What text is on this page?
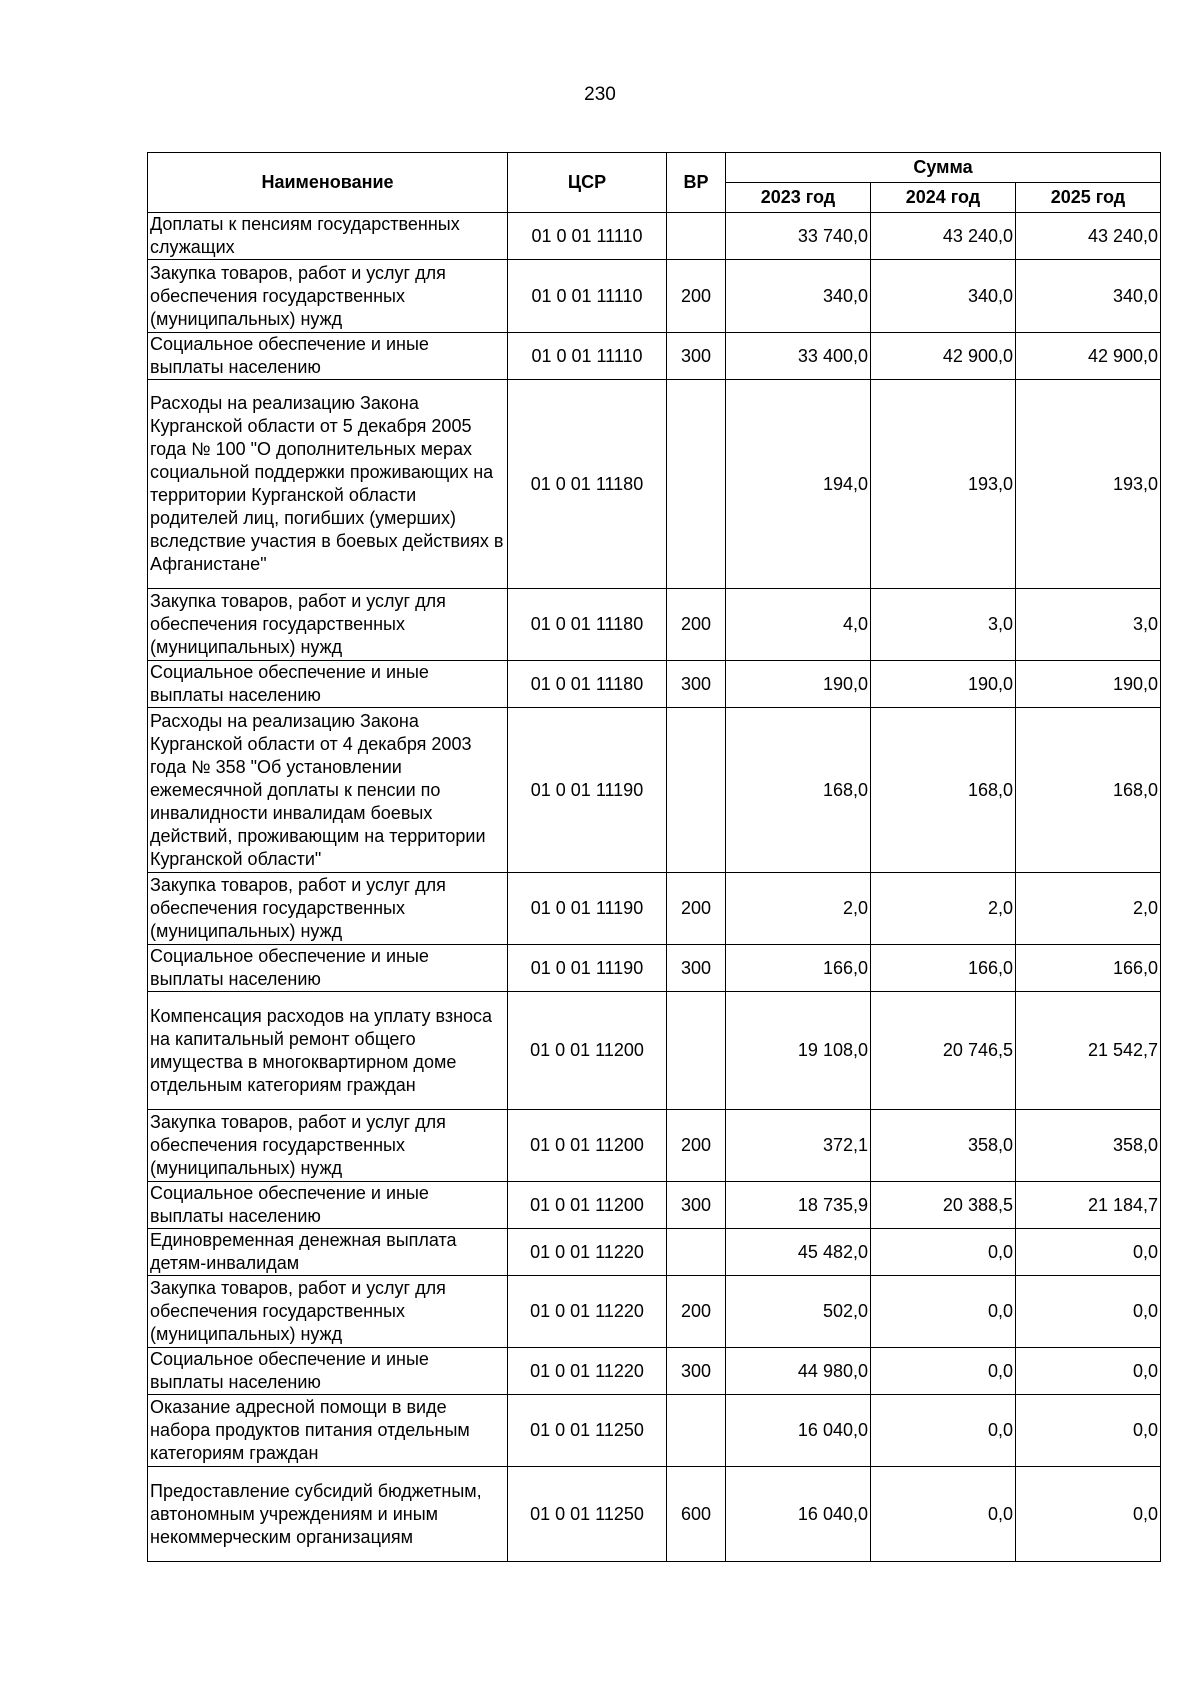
230
Наименование	ЦСР	ВР	Сумма		
			2023 год	2024 год	2025 год
Доплаты к пенсиям государственных служащих	01 0 01 11110		33 740,0	43 240,0	43 240,0
Закупка товаров, работ и услуг для обеспечения государственных (муниципальных) нужд	01 0 01 11110	200	340,0	340,0	340,0
Социальное обеспечение и иные выплаты населению	01 0 01 11110	300	33 400,0	42 900,0	42 900,0
Расходы на реализацию Закона Курганской области от 5 декабря 2005 года № 100 "О дополнительных мерах социальной поддержки проживающих на территории Курганской области родителей лиц, погибших (умерших) вследствие участия в боевых действиях в Афганистане"	01 0 01 11180		194,0	193,0	193,0
Закупка товаров, работ и услуг для обеспечения государственных (муниципальных) нужд	01 0 01 11180	200	4,0	3,0	3,0
Социальное обеспечение и иные выплаты населению	01 0 01 11180	300	190,0	190,0	190,0
Расходы на реализацию Закона Курганской области от 4 декабря 2003 года № 358 "Об установлении ежемесячной доплаты к пенсии по инвалидности инвалидам боевых действий, проживающим на территории Курганской области"	01 0 01 11190		168,0	168,0	168,0
Закупка товаров, работ и услуг для обеспечения государственных (муниципальных) нужд	01 0 01 11190	200	2,0	2,0	2,0
Социальное обеспечение и иные выплаты населению	01 0 01 11190	300	166,0	166,0	166,0
Компенсация расходов на уплату взноса на капитальный ремонт общего имущества в многоквартирном доме отдельным категориям граждан	01 0 01 11200		19 108,0	20 746,5	21 542,7
Закупка товаров, работ и услуг для обеспечения государственных (муниципальных) нужд	01 0 01 11200	200	372,1	358,0	358,0
Социальное обеспечение и иные выплаты населению	01 0 01 11200	300	18 735,9	20 388,5	21 184,7
Единовременная денежная выплата детям-инвалидам	01 0 01 11220		45 482,0	0,0	0,0
Закупка товаров, работ и услуг для обеспечения государственных (муниципальных) нужд	01 0 01 11220	200	502,0	0,0	0,0
Социальное обеспечение и иные выплаты населению	01 0 01 11220	300	44 980,0	0,0	0,0
Оказание адресной помощи в виде набора продуктов питания отдельным категориям граждан	01 0 01 11250		16 040,0	0,0	0,0
Предоставление субсидий бюджетным, автономным учреждениям и иным некоммерческим организациям	01 0 01 11250	600	16 040,0	0,0	0,0
